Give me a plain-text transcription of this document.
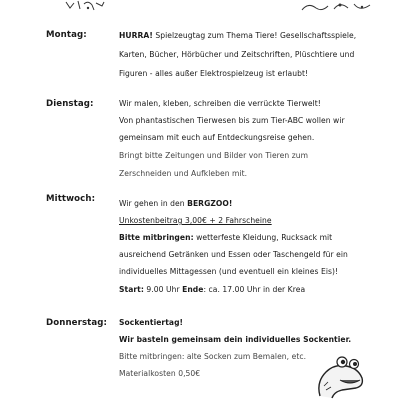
Montag:	HURRA! Spielzeugtag zum Thema Tiere! Gesellschaftsspiele,
Karten, Bücher, Hörbücher und Zeitschriften, Plüschtiere und
Figuren - alles außer Elektrospielzeug ist erlaubt!
Dienstag:	Wir malen, kleben, schreiben die verrückte Tierwelt!
Von phantastischen Tierwesen bis zum Tier-ABC wollen wir
gemeinsam mit euch auf Entdeckungsreise gehen.
Bringt bitte Zeitungen und Bilder von Tieren zum
Zerschneiden und Aufkleben mit.
Mittwoch:	Wir gehen in den BERGZOO!
Unkostenbeitrag 3,00€ + 2 Fahrscheine
Bitte mitbringen: wetterfeste Kleidung, Rucksack mit
ausreichend Getränken und Essen oder Taschengeld für ein
individuelles Mittagessen (und eventuell ein kleines Eis)!
Start: 9.00 Uhr Ende: ca. 17.00 Uhr in der Krea
Donnerstag: Sockentiertag!
Wir basteln gemeinsam dein individuelles Sockentier.
Bitte mitbringen: alte Socken zum Bemalen, etc.
Materialkosten 0,50€
